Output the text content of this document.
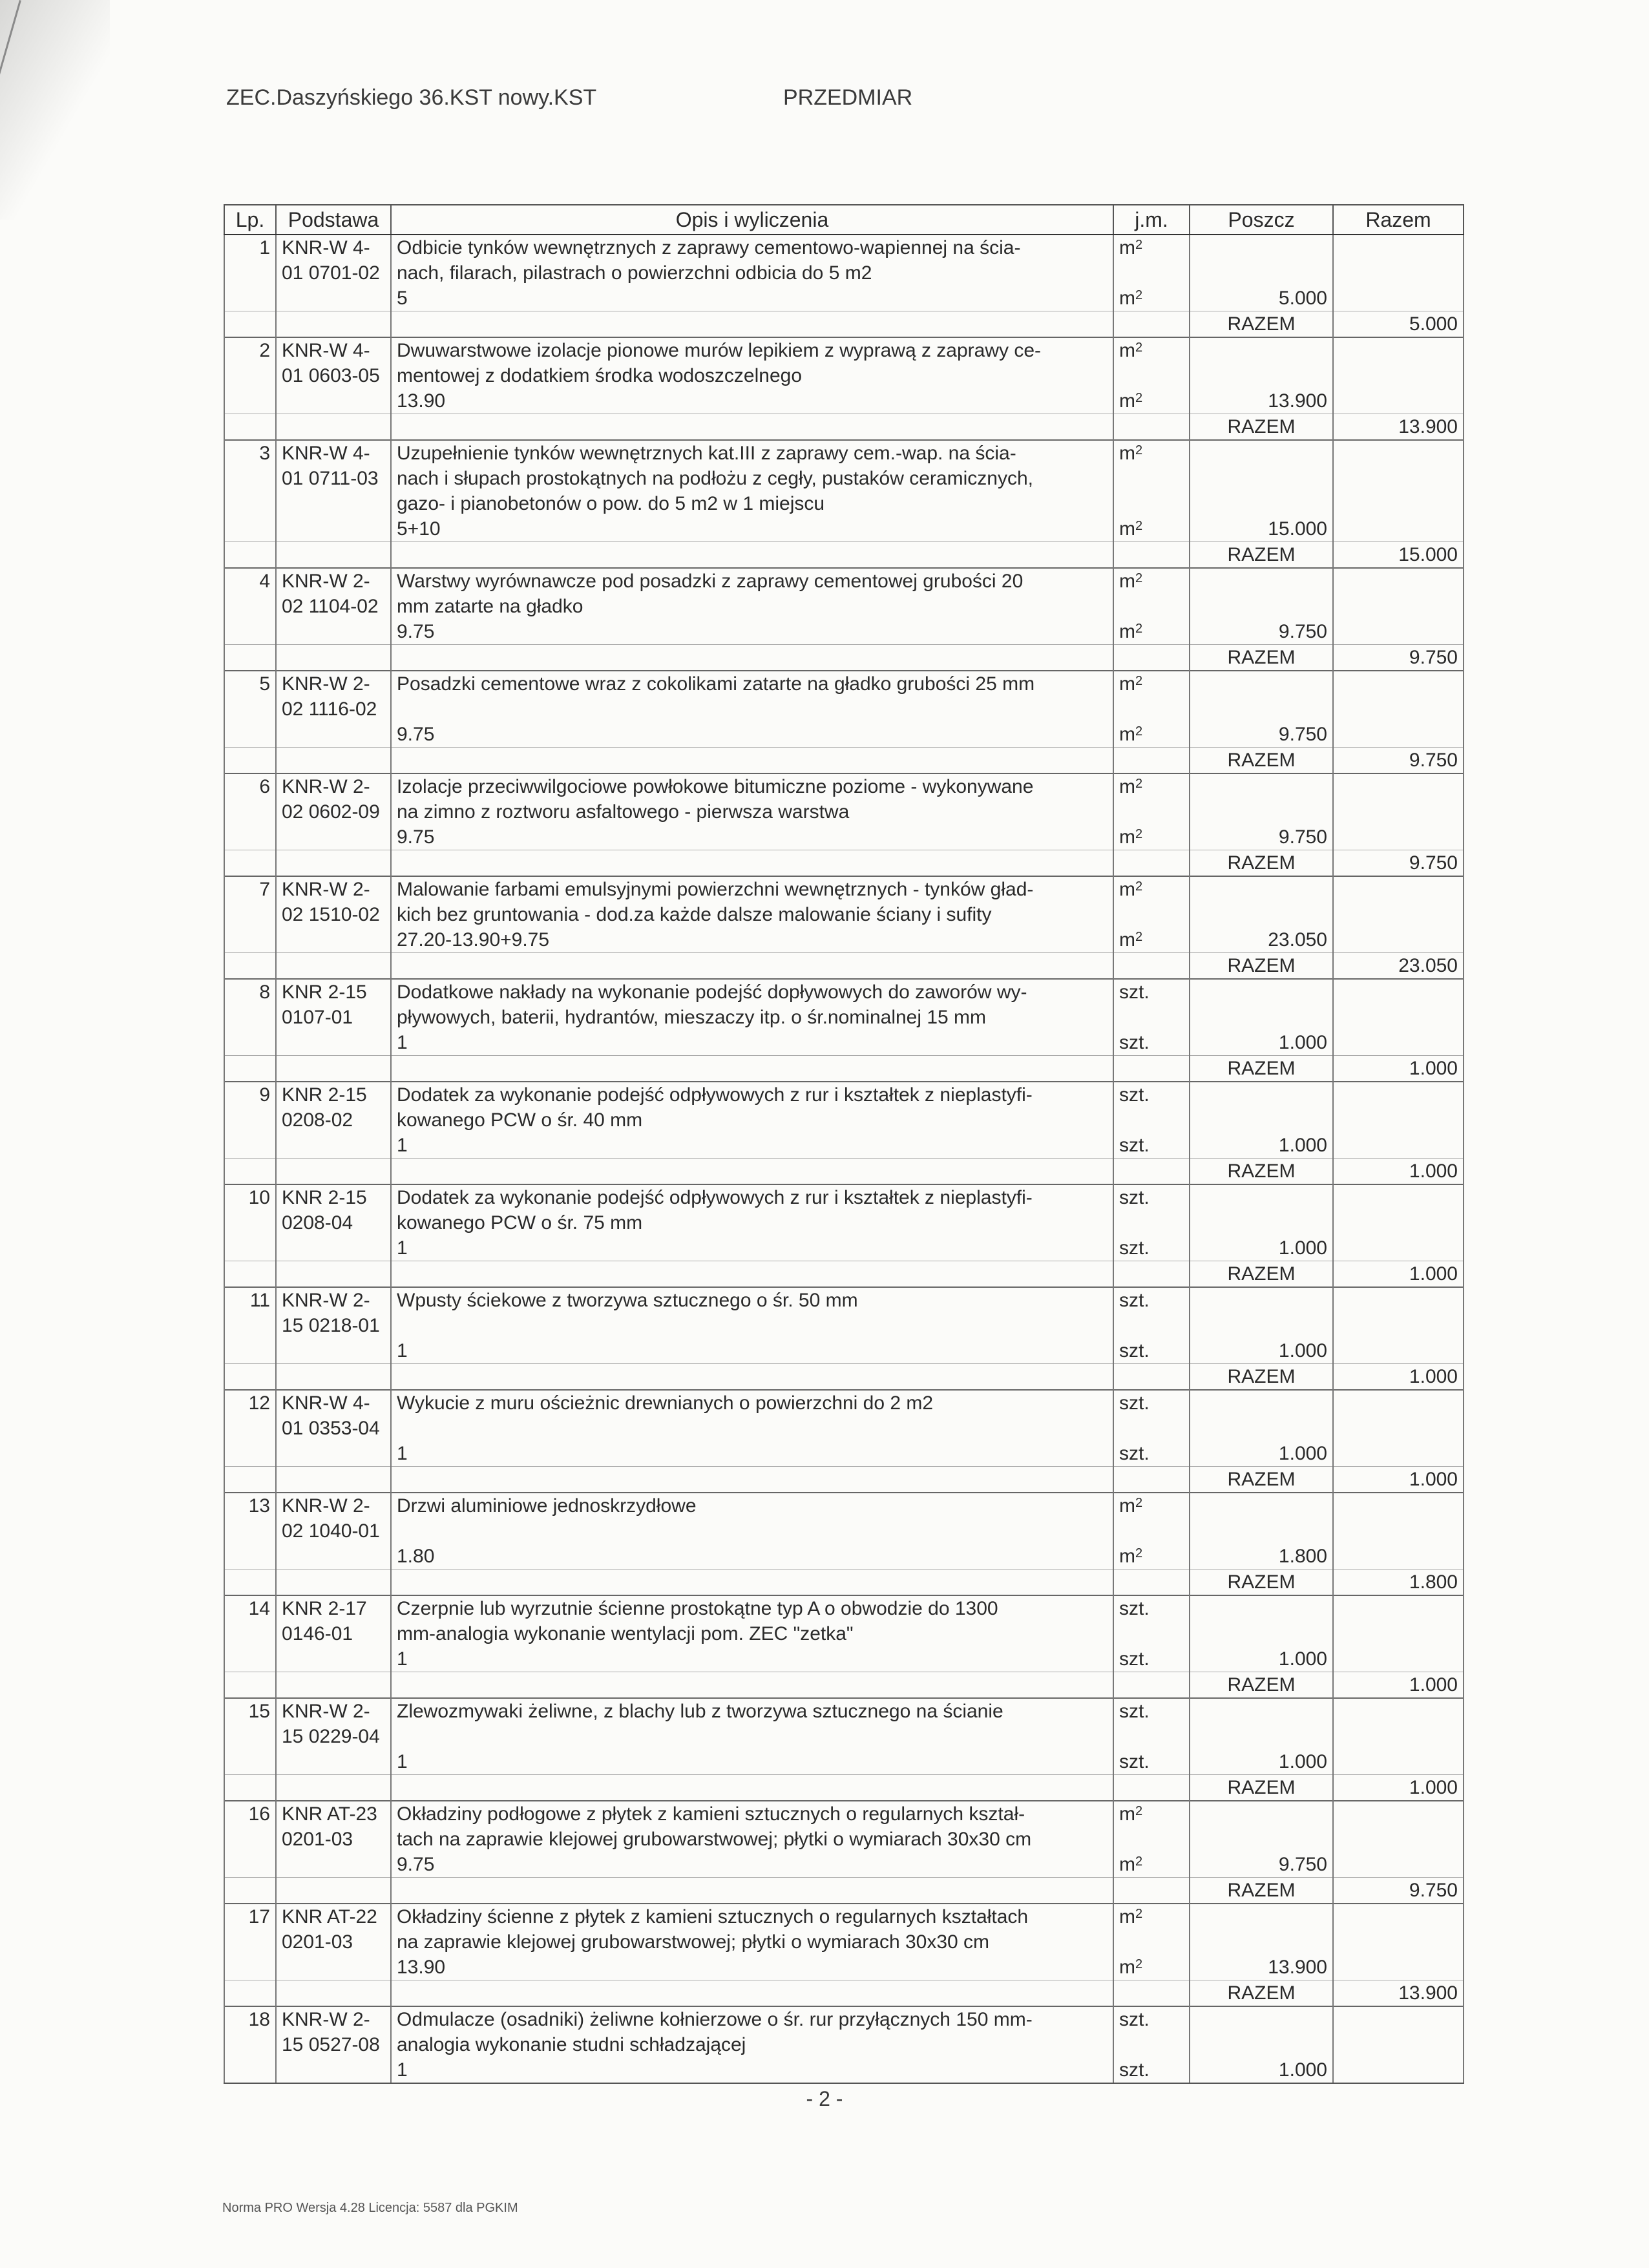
ZEC.Daszyńskiego 36.KST nowy.KST	PRZEDMIAR
Lp.	Podstawa	Opis i wyliczenia	j.m.	Poszcz	Razem
1	KNR-W 4-	Odbicie tynków wewnętrznych z zaprawy cementowo-wapiennej na ścia-	$m^2$		
	01 0701-02	nach, filarach, pilastrach o powierzchni odbicia do 5 m2			
		5	$m^2$	5.000	
				RAZEM	5.000
2	KNR-W 4-	Dwuwarstwowe izolacje pionowe murów lepikiem z wyprawą z zaprawy ce-	$m^2$		
	01 0603-05	mentowej z dodatkiem środka wodoszczelnego			
		13.90	$m^2$	13.900	
				RAZEM	13.900
3	KNR-W 4-	Uzupełnienie tynków wewnętrznych kat.III z zaprawy cem.-wap. na ścia-	$m^2$		
	01 0711-03	nach i słupach prostokątnych na podłożu z cegły, pustaków ceramicznych,			
		gazo- i pianobetonów o pow. do 5 m2 w 1 miejscu			
		5+10	$m^2$	15.000	
				RAZEM	15.000
4	KNR-W 2-	Warstwy wyrównawcze pod posadzki z zaprawy cementowej grubości 20	$m^2$		
	02 1104-02	mm zatarte na gładko			
		9.75	$m^2$	9.750	
				RAZEM	9.750
5	KNR-W 2-	Posadzki cementowe wraz z cokolikami zatarte na gładko grubości 25 mm	$m^2$		
	02 1116-02				
		9.75	$m^2$	9.750	
				RAZEM	9.750
6	KNR-W 2-	Izolacje przeciwwilgociowe powłokowe bitumiczne poziome - wykonywane	$m^2$		
	02 0602-09	na zimno z roztworu asfaltowego - pierwsza warstwa			
		9.75	$m^2$	9.750	
				RAZEM	9.750
7	KNR-W 2-	Malowanie farbami emulsyjnymi powierzchni wewnętrznych - tynków gład-	$m^2$		
	02 1510-02	kich bez gruntowania - dod.za każde dalsze malowanie ściany i sufity			
		27.20-13.90+9.75	$m^2$	23.050	
				RAZEM	23.050
8	KNR 2-15	Dodatkowe nakłady na wykonanie podejść dopływowych do zaworów wy-	szt.		
	0107-01	pływowych, baterii, hydrantów, mieszaczy itp. o śr.nominalnej 15 mm			
		1	szt.	1.000	
				RAZEM	1.000
9	KNR 2-15	Dodatek za wykonanie podejść odpływowych z rur i kształtek z nieplastyfi-	szt.		
	0208-02	kowanego PCW o śr. 40 mm			
		1	szt.	1.000	
				RAZEM	1.000
10	KNR 2-15	Dodatek za wykonanie podejść odpływowych z rur i kształtek z nieplastyfi-	szt.		
	0208-04	kowanego PCW o śr. 75 mm			
		1	szt.	1.000	
				RAZEM	1.000
11	KNR-W 2-	Wpusty ściekowe z tworzywa sztucznego o śr. 50 mm	szt.		
	15 0218-01				
		1	szt.	1.000	
				RAZEM	1.000
12	KNR-W 4-	Wykucie z muru ościeżnic drewnianych o powierzchni do 2 m2	szt.		
	01 0353-04				
		1	szt.	1.000	
				RAZEM	1.000
13	KNR-W 2-	Drzwi aluminiowe jednoskrzydłowe	$m^2$		
	02 1040-01				
		1.80	$m^2$	1.800	
				RAZEM	1.800
14	KNR 2-17	Czerpnie lub wyrzutnie ścienne prostokątne typ A o obwodzie do 1300	szt.		
	0146-01	mm-analogia wykonanie wentylacji pom. ZEC "zetka"			
		1	szt.	1.000	
				RAZEM	1.000
15	KNR-W 2-	Zlewozmywaki żeliwne, z blachy lub z tworzywa sztucznego na ścianie	szt.		
	15 0229-04				
		1	szt.	1.000	
				RAZEM	1.000
16	KNR AT-23	Okładziny podłogowe z płytek z kamieni sztucznych o regularnych kształ-	$m^2$		
	0201-03	tach na zaprawie klejowej grubowarstwowej; płytki o wymiarach 30x30 cm			
		9.75	$m^2$	9.750	
				RAZEM	9.750
17	KNR AT-22	Okładziny ścienne z płytek z kamieni sztucznych o regularnych kształtach	$m^2$		
	0201-03	na zaprawie klejowej grubowarstwowej; płytki o wymiarach 30x30 cm			
		13.90	$m^2$	13.900	
				RAZEM	13.900
18	KNR-W 2-	Odmulacze (osadniki) żeliwne kołnierzowe o śr. rur przyłącznych 150 mm-	szt.		
	15 0527-08	analogia wykonanie studni schładzającej			
		1	szt.	1.000	
- 2 -
Norma PRO Wersja 4.28 Licencja: 5587 dla PGKIM
